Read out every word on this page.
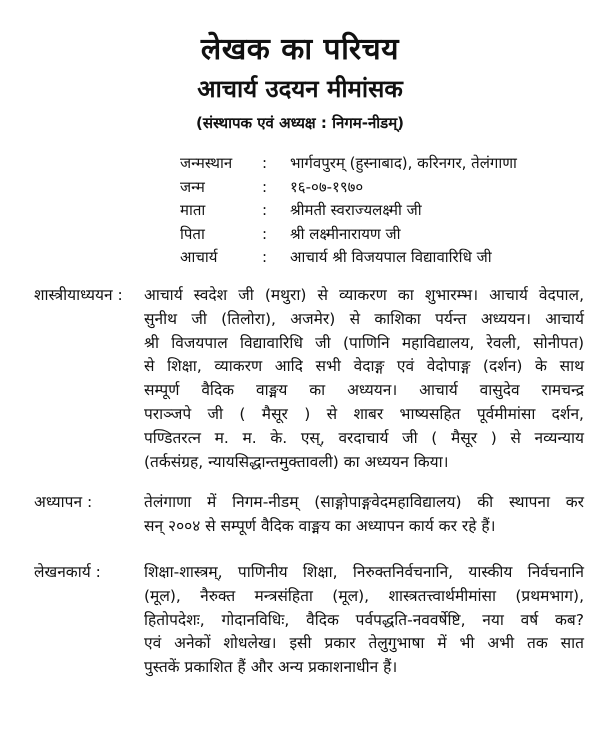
लेखक का परिचय
आचार्य उदयन मीमांसक
(संस्थापक एवं अध्यक्ष : निगम-नीडम्)
जन्मस्थान	:	भार्गवपुरम् (हुस्नाबाद), करिनगर, तेलंगाणा
जन्म	:	१६-०७-१९७०
माता	:	श्रीमती स्वराज्यलक्ष्मी जी
पिता	:	श्री लक्ष्मीनारायण जी
आचार्य	:	आचार्य श्री विजयपाल विद्यावारिधि जी
शास्त्रीयाध्ययन : आचार्य स्वदेश जी (मथुरा) से व्याकरण का शुभारम्भ। आचार्य वेदपाल,
सुनीथ जी (तिलोरा), अजमेर) से काशिका पर्यन्त अध्ययन। आचार्य
श्री विजयपाल विद्यावारिधि जी (पाणिनि महाविद्यालय, रेवली, सोनीपत)
से शिक्षा, व्याकरण आदि सभी वेदाङ्ग एवं वेदोपाङ्ग (दर्शन) के साथ
सम्पूर्ण वैदिक वाङ्मय का अध्ययन। आचार्य वासुदेव रामचन्द्र
पराञ्जपे जी ( मैसूर ) से शाबर भाष्यसहित पूर्वमीमांसा दर्शन,
पण्डितरत्न म. म. के. एस्, वरदाचार्य जी ( मैसूर ) से नव्यन्याय
(तर्कसंग्रह, न्यायसिद्धान्तमुक्तावली) का अध्ययन किया।
अध्यापन :	तेलंगाणा में निगम-नीडम् (साङ्गोपाङ्गवेदमहाविद्यालय) की स्थापना कर
सन् २००४ से सम्पूर्ण वैदिक वाङ्मय का अध्यापन कार्य कर रहे हैं।
लेखनकार्य :	शिक्षा-शास्त्रम्, पाणिनीय शिक्षा, निरुक्तनिर्वचनानि, यास्कीय निर्वचनानि
(मूल), नैरुक्त मन्त्रसंहिता (मूल), शास्त्रतत्त्वार्थमीमांसा (प्रथमभाग),
हितोपदेशः, गोदानविधिः, वैदिक पर्वपद्धति-नववर्षेष्टि, नया वर्ष कब?
एवं अनेकों शोधलेख। इसी प्रकार तेलुगुभाषा में भी अभी तक सात
पुस्तकें प्रकाशित हैं और अन्य प्रकाशनाधीन हैं।
